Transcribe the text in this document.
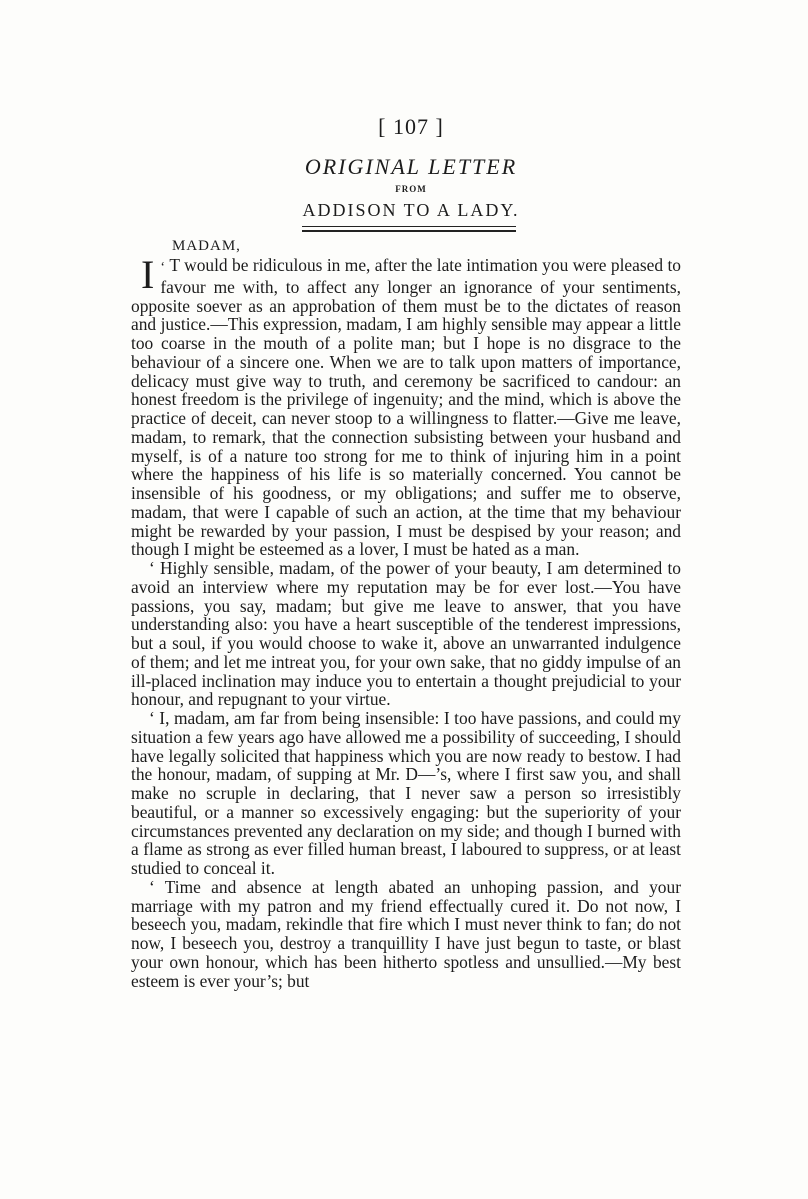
[ 107 ]
ORIGINAL LETTER
FROM
ADDISON TO A LADY.
MADAM,

‘
I T would be ridiculous in me, after the late intimation you were pleased to favour me with, to affect any longer an ignorance of your sentiments, opposite soever as an approbation of them must be to the dictates of reason and justice.—This expression, madam, I am highly sensible may appear a little too coarse in the mouth of a polite man; but I hope is no disgrace to the behaviour of a sincere one. When we are to talk upon matters of importance, delicacy must give way to truth, and ceremony be sacrificed to candour: an honest freedom is the privilege of ingenuity; and the mind, which is above the practice of deceit, can never stoop to a willingness to flatter.—Give me leave, madam, to remark, that the connection subsisting between your husband and myself, is of a nature too strong for me to think of injuring him in a point where the happiness of his life is so materially concerned. You cannot be insensible of his goodness, or my obligations; and suffer me to observe, madam, that were I capable of such an action, at the time that my behaviour might be rewarded by your passion, I must be despised by your reason; and though I might be esteemed as a lover, I must be hated as a man.

‘ Highly sensible, madam, of the power of your beauty, I am determined to avoid an interview where my reputation may be for ever lost.—You have passions, you say, madam; but give me leave to answer, that you have understanding also: you have a heart susceptible of the tenderest impressions, but a soul, if you would choose to wake it, above an unwarranted indulgence of them; and let me intreat you, for your own sake, that no giddy impulse of an ill-placed inclination may induce you to entertain a thought prejudicial to your honour, and repugnant to your virtue.

‘ I, madam, am far from being insensible: I too have passions, and could my situation a few years ago have allowed me a possibility of succeeding, I should have legally solicited that happiness which you are now ready to bestow. I had the honour, madam, of supping at Mr. D—’s, where I first saw you, and shall make no scruple in declaring, that I never saw a person so irresistibly beautiful, or a manner so excessively engaging: but the superiority of your circumstances prevented any declaration on my side; and though I burned with a flame as strong as ever filled human breast, I laboured to suppress, or at least studied to conceal it.

‘ Time and absence at length abated an unhoping passion, and your marriage with my patron and my friend effectually cured it. Do not now, I beseech you, madam, rekindle that fire which I must never think to fan; do not now, I beseech you, destroy a tranquillity I have just begun to taste, or blast your own honour, which has been hitherto spotless and unsullied.—My best esteem is ever your’s; but
